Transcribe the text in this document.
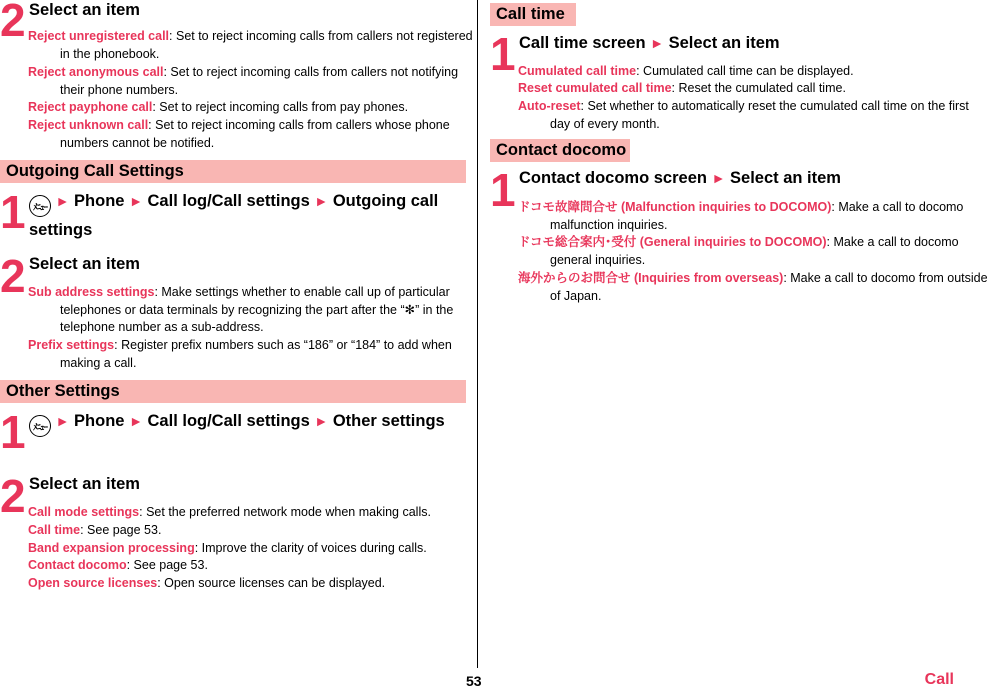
2 Select an item
Reject unregistered call: Set to reject incoming calls from callers not registered in the phonebook.
Reject anonymous call: Set to reject incoming calls from callers not notifying their phone numbers.
Reject payphone call: Set to reject incoming calls from pay phones.
Reject unknown call: Set to reject incoming calls from callers whose phone numbers cannot be notified.
Outgoing Call Settings
1	ﾒﾆｭｰ ► Phone ► Call log/Call settings ► Outgoing call settings
2 Select an item
Sub address settings: Make settings whether to enable call up of particular telephones or data terminals by recognizing the part after the “✻” in the telephone number as a sub-address.
Prefix settings: Register prefix numbers such as “186” or “184” to add when making a call.
Other Settings
1	ﾒﾆｭｰ ► Phone ► Call log/Call settings ► Other settings
2 Select an item
Call mode settings: Set the preferred network mode when making calls.
Call time: See page 53.
Band expansion processing: Improve the clarity of voices during calls.
Contact docomo: See page 53.
Open source licenses: Open source licenses can be displayed.
Call time
1 Call time screen ► Select an item
Cumulated call time: Cumulated call time can be displayed.
Reset cumulated call time: Reset the cumulated call time.
Auto-reset: Set whether to automatically reset the cumulated call time on the first day of every month.
Contact docomo
1 Contact docomo screen ► Select an item
ドコモ故障問合せ (Malfunction inquiries to DOCOMO): Make a call to docomo malfunction inquiries.
ドコモ総合案内･受付 (General inquiries to DOCOMO): Make a call to docomo general inquiries.
海外からのお問合せ (Inquiries from overseas): Make a call to docomo from outside of Japan.
53	Call
